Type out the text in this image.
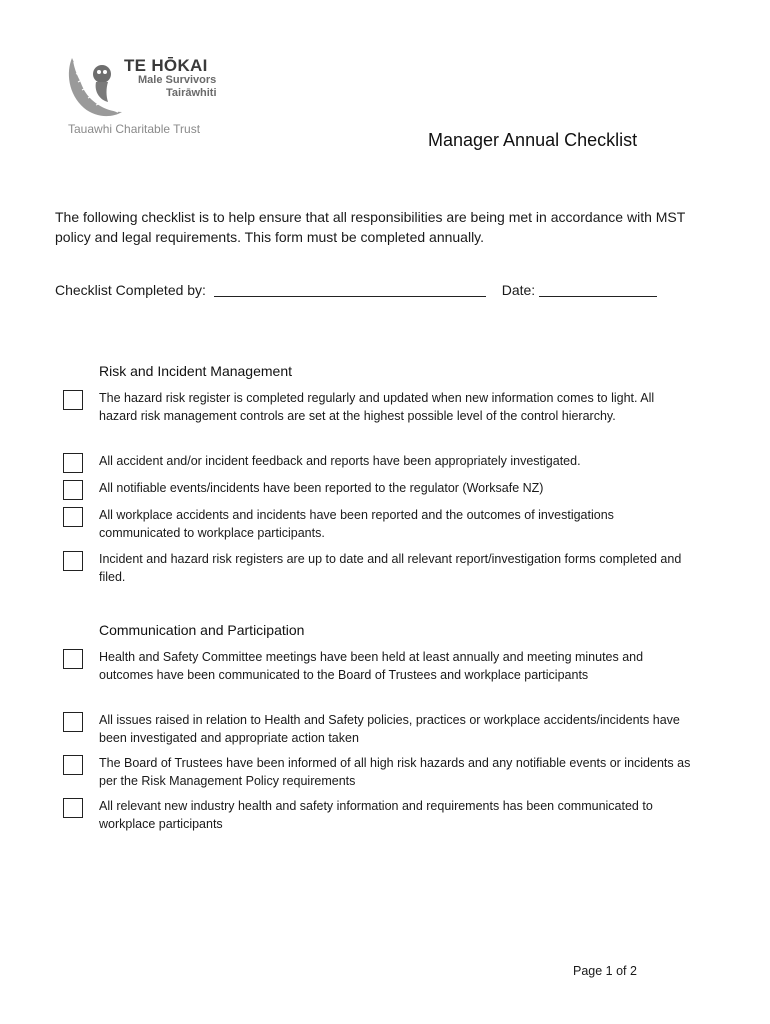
TE HŌKAI
Male Survivors
Tairāwhiti
Tauawhi Charitable Trust
Manager Annual Checklist

The following checklist is to help ensure that all responsibilities are being met in accordance with MST policy and legal requirements. This form must be completed annually.

Checklist Completed by:	Date:
Risk and Incident Management
The hazard risk register is completed regularly and updated when new information comes to light. All hazard risk management controls are set at the highest possible level of the control hierarchy.
All accident and/or incident feedback and reports have been appropriately investigated.
All notifiable events/incidents have been reported to the regulator (Worksafe NZ)
All workplace accidents and incidents have been reported and the outcomes of investigations communicated to workplace participants.
Incident and hazard risk registers are up to date and all relevant report/investigation forms completed and filed.
Communication and Participation
Health and Safety Committee meetings have been held at least annually and meeting minutes and outcomes have been communicated to the Board of Trustees and workplace participants
All issues raised in relation to Health and Safety policies, practices or workplace accidents/incidents have been investigated and appropriate action taken
The Board of Trustees have been informed of all high risk hazards and any notifiable events or incidents as per the Risk Management Policy requirements
All relevant new industry health and safety information and requirements has been communicated to workplace participants
Page 1 of 2
